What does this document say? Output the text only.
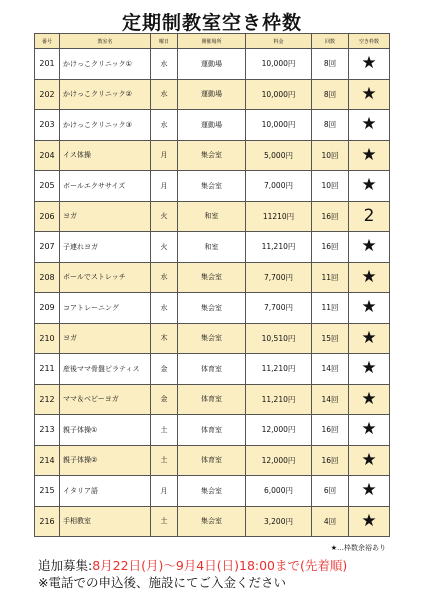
定期制教室空き枠数
番号	教室名	曜日	開催場所	料金	回数	空き枠数
201	かけっこクリニック①	水	運動場	10,000円	8回	★
202	かけっこクリニック②	水	運動場	10,000円	8回	★
203	かけっこクリニック③	水	運動場	10,000円	8回	★
204	イス体操	月	集会室	5,000円	10回	★
205	ボールエクササイズ	月	集会室	7,000円	10回	★
206	ヨガ	火	和室	11210円	16回	2
207	子連れヨガ	火	和室	11,210円	16回	★
208	ボールでストレッチ	水	集会室	7,700円	11回	★
209	コアトレーニング	水	集会室	7,700円	11回	★
210	ヨガ	木	集会室	10,510円	15回	★
211	産後ママ骨盤ピラティス	金	体育室	11,210円	14回	★
212	ママ＆ベビーヨガ	金	体育室	11,210円	14回	★
213	親子体操①	土	体育室	12,000円	16回	★
214	親子体操②	土	体育室	12,000円	16回	★
215	イタリア語	月	集会室	6,000円	6回	★
216	手相教室	土	集会室	3,200円	4回	★
★…枠数余裕あり
追加募集:8月22日(月)～9月4日(日)18:00まで(先着順)
※電話での申込後、施設にてご入金ください
